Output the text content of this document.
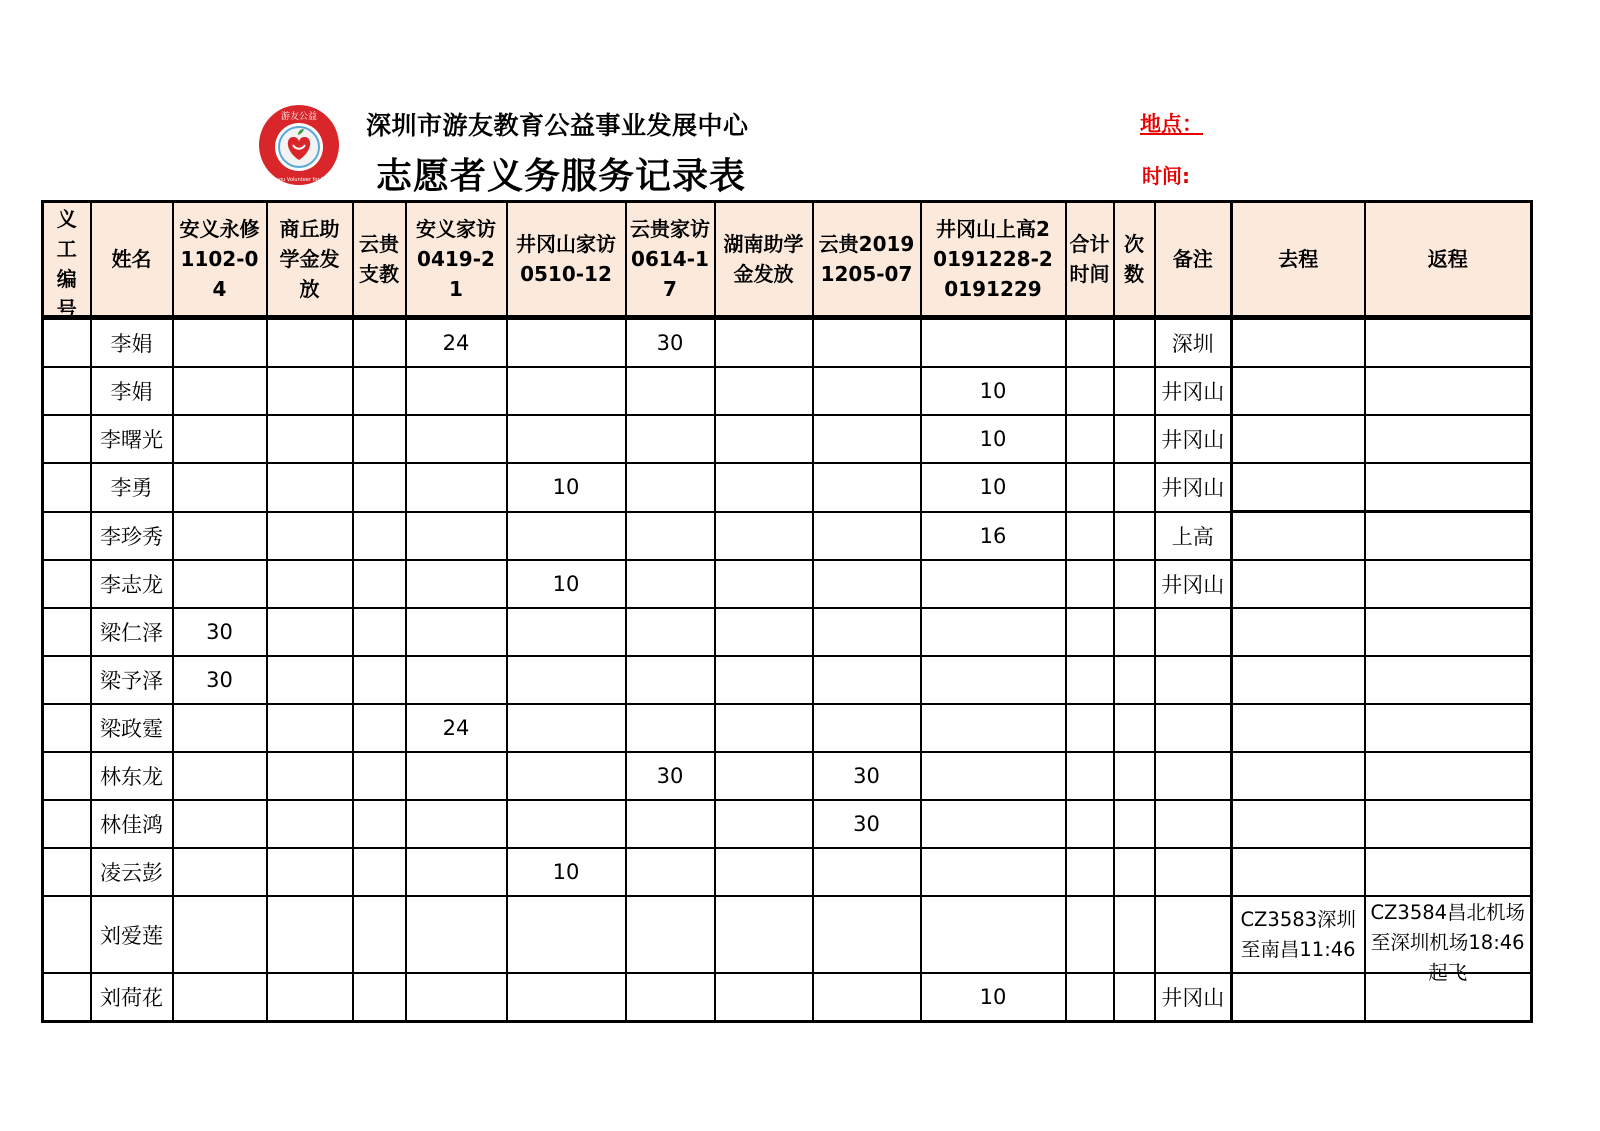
游友公益
Youyou Volunteer for Edu
深圳市游友教育公益事业发展中心
志愿者义务服务记录表
地点：
时间:
义工编号	姓名	安义永修1102-04	商丘助学金发放	云贵支教	安义家访0419-21	井冈山家访0510-12	云贵家访0614-17	湖南助学金发放	云贵20191205-07	井冈山上高20191228-20191229	合计时间	次数	备注	去程	返程

	李娟				24		30						深圳	

	李娟									10			井冈山	

	李曙光									10			井冈山	

	李勇					10				10			井冈山	

	李珍秀									16			上高	

	李志龙					10							井冈山	

	梁仁泽	30												

	梁予泽	30												

	梁政霆				24									

	林东龙						30		30					

	林佳鸿								30					

	凌云彭					10								

	刘爱莲													CZ3583深圳至南昌11:46	CZ3584昌北机场至深圳机场18:46起飞

	刘荷花									10			井冈山	
